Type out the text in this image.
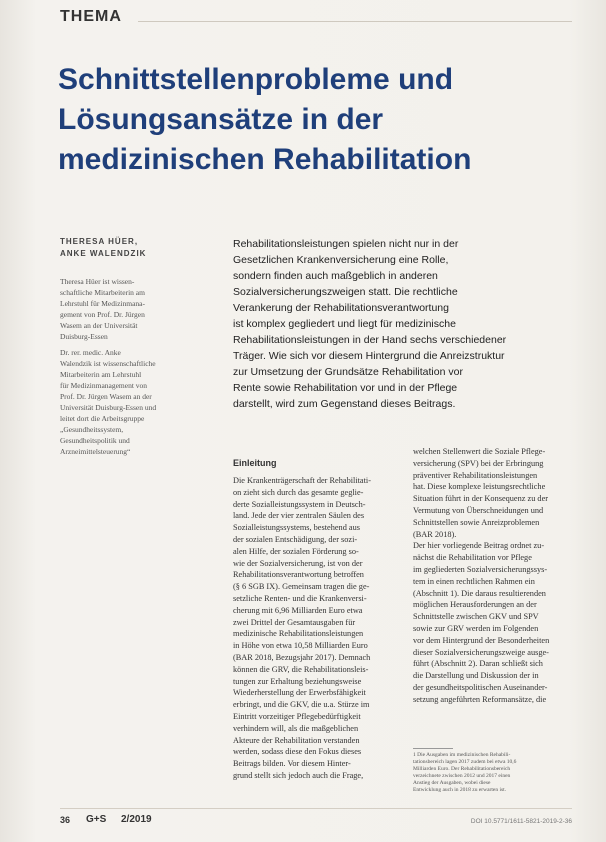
THEMA
Schnittstellenprobleme und
Lösungsansätze in der
medizinischen Rehabilitation
THERESA HÜER,
ANKE WALENDZIK
Theresa Hüer ist wissen-
schaftliche Mitarbeiterin am
Lehrstuhl für Medizinmana-
gement von Prof. Dr. Jürgen
Wasem an der Universität
Duisburg-Essen
Dr. rer. medic. Anke
Walendzik ist wissenschaftliche
Mitarbeiterin am Lehrstuhl
für Medizinmanagement von
Prof. Dr. Jürgen Wasem an der
Universität Duisburg-Essen und
leitet dort die Arbeitsgruppe
„Gesundheitssystem,
Gesundheitspolitik und
Arzneimittelsteuerung“
Rehabilitationsleistungen spielen nicht nur in der
Gesetzlichen Krankenversicherung eine Rolle,
sondern finden auch maßgeblich in anderen
Sozialversicherungszweigen statt. Die rechtliche
Verankerung der Rehabilitationsverantwortung
ist komplex gegliedert und liegt für medizinische
Rehabilitationsleistungen in der Hand sechs verschiedener
Träger. Wie sich vor diesem Hintergrund die Anreizstruktur
zur Umsetzung der Grundsätze Rehabilitation vor
Rente sowie Rehabilitation vor und in der Pflege
darstellt, wird zum Gegenstand dieses Beitrags.
Einleitung
Die Krankenträgerschaft der Rehabilitati-
on zieht sich durch das gesamte geglie-
derte Sozialleistungssystem in Deutsch-
land. Jede der vier zentralen Säulen des
Sozialleistungssystems, bestehend aus
der sozialen Entschädigung, der sozi-
alen Hilfe, der sozialen Förderung so-
wie der Sozialversicherung, ist von der
Rehabilitationsverantwortung betroffen
(§ 6 SGB IX). Gemeinsam tragen die ge-
setzliche Renten- und die Krankenversi-
cherung mit 6,96 Milliarden Euro etwa
zwei Drittel der Gesamtausgaben für
medizinische Rehabilitationsleistungen
in Höhe von etwa 10,58 Milliarden Euro
(BAR 2018, Bezugsjahr 2017). Demnach
können die GRV, die Rehabilitationsleis-
tungen zur Erhaltung beziehungsweise
Wiederherstellung der Erwerbsfähigkeit
erbringt, und die GKV, die u.a. Stürze im
Eintritt vorzeitiger Pflegebedürftigkeit
verhindern will, als die maßgeblichen
Akteure der Rehabilitation verstanden
werden, sodass diese den Fokus dieses
Beitrags bilden. Vor diesem Hinter-
grund stellt sich jedoch auch die Frage,
welchen Stellenwert die Soziale Pflege-
versicherung (SPV) bei der Erbringung
präventiver Rehabilitationsleistungen
hat. Diese komplexe leistungsrechtliche
Situation führt in der Konsequenz zu der
Vermutung von Überschneidungen und
Schnittstellen sowie Anreizproblemen
(BAR 2018).
Der hier vorliegende Beitrag ordnet zu-
nächst die Rehabilitation vor Pflege
im gegliederten Sozialversicherungssys-
tem in einen rechtlichen Rahmen ein
(Abschnitt 1). Die daraus resultierenden
möglichen Herausforderungen an der
Schnittstelle zwischen GKV und SPV
sowie zur GRV werden im Folgenden
vor dem Hintergrund der Besonderheiten
dieser Sozialversicherungszweige ausge-
führt (Abschnitt 2). Daran schließt sich
die Darstellung und Diskussion der in
der gesundheitspolitischen Auseinander-
setzung angeführten Reformansätze, die
1 Die Ausgaben im medizinischen Rehabili-
tationsbereich lagen 2017 zudem bei etwa 10,6
Milliarden Euro. Der Rehabilitationsbereich
verzeichnete zwischen 2012 und 2017 einen
Anstieg der Ausgaben, wobei diese
Entwicklung auch in 2018 zu erwarten ist.
36 G+S 2/2019	DOI 10.5771/1611-5821-2019-2-36
